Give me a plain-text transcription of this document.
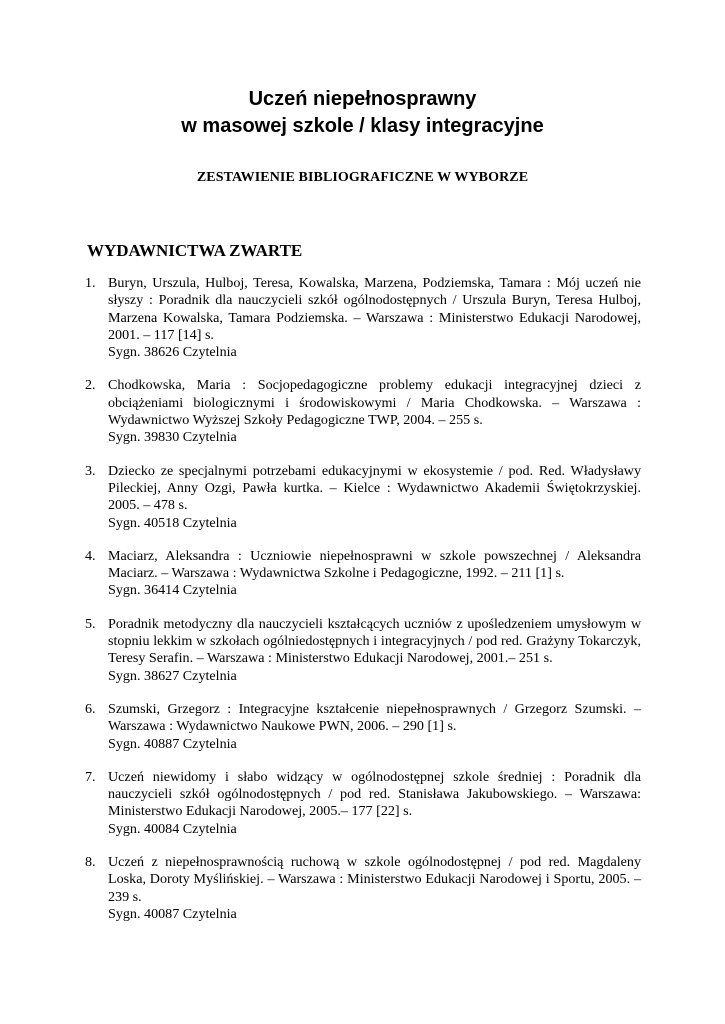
Uczeń niepełnosprawny
w masowej szkole / klasy integracyjne
ZESTAWIENIE BIBLIOGRAFICZNE W WYBORZE
WYDAWNICTWA ZWARTE
1. Buryn, Urszula, Hulboj, Teresa, Kowalska, Marzena, Podziemska, Tamara : Mój uczeń nie słyszy : Poradnik dla nauczycieli szkół ogólnodostępnych / Urszula Buryn, Teresa Hulboj, Marzena Kowalska, Tamara Podziemska. – Warszawa : Ministerstwo Edukacji Narodowej, 2001. – 117 [14] s.
Sygn. 38626 Czytelnia
2. Chodkowska, Maria : Socjopedagogiczne problemy edukacji integracyjnej dzieci z obciążeniami biologicznymi i środowiskowymi / Maria Chodkowska. – Warszawa : Wydawnictwo Wyższej Szkoły Pedagogiczne TWP, 2004. – 255 s.
Sygn. 39830 Czytelnia
3. Dziecko ze specjalnymi potrzebami edukacyjnymi w ekosystemie / pod. Red. Władysławy Pileckiej, Anny Ozgi, Pawła kurtka. – Kielce : Wydawnictwo Akademii Świętokrzyskiej. 2005. – 478 s.
Sygn. 40518 Czytelnia
4. Maciarz, Aleksandra : Uczniowie niepełnosprawni w szkole powszechnej / Aleksandra Maciarz. – Warszawa : Wydawnictwa Szkolne i Pedagogiczne, 1992. – 211 [1] s.
Sygn. 36414 Czytelnia
5. Poradnik metodyczny dla nauczycieli kształcących uczniów z upośledzeniem umysłowym w stopniu lekkim w szkołach ogólniedostępnych i integracyjnych / pod red. Grażyny Tokarczyk, Teresy Serafin. – Warszawa : Ministerstwo Edukacji Narodowej, 2001.– 251 s.
Sygn. 38627 Czytelnia
6. Szumski, Grzegorz : Integracyjne kształcenie niepełnosprawnych / Grzegorz Szumski. – Warszawa : Wydawnictwo Naukowe PWN, 2006. – 290 [1] s.
Sygn. 40887 Czytelnia
7. Uczeń niewidomy i słabo widzący w ogólnodostępnej szkole średniej : Poradnik dla nauczycieli szkół ogólnodostępnych / pod red. Stanisława Jakubowskiego. – Warszawa: Ministerstwo Edukacji Narodowej, 2005.– 177 [22] s.
Sygn. 40084 Czytelnia
8. Uczeń z niepełnosprawnością ruchową w szkole ogólnodostępnej / pod red. Magdaleny Loska, Doroty Myślińskiej. – Warszawa : Ministerstwo Edukacji Narodowej i Sportu, 2005. – 239 s.
Sygn. 40087 Czytelnia
